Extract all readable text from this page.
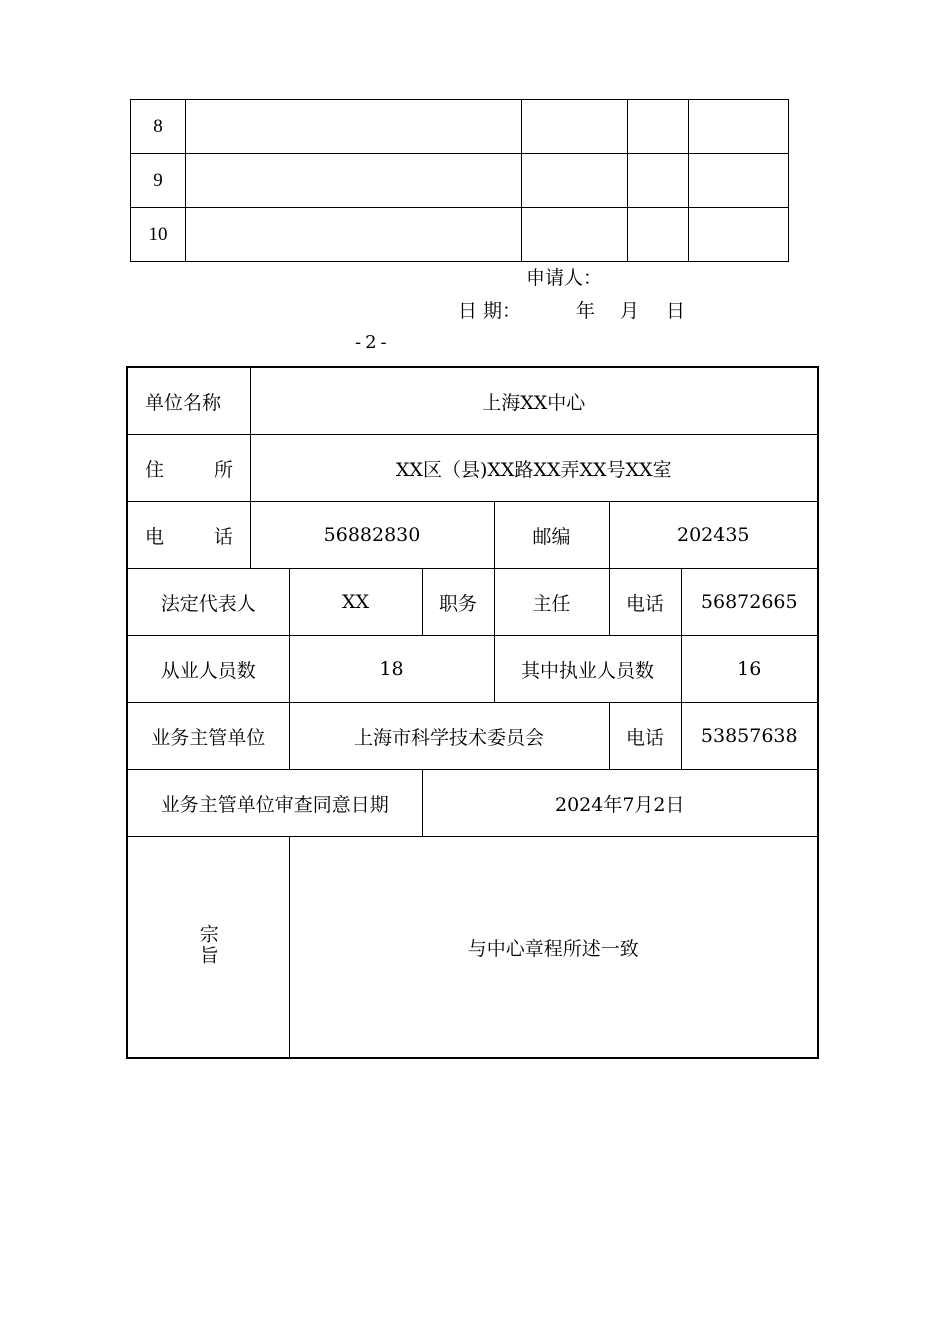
8				
9				
10				
申请人：
日 期：	年 月 日
-2-
单位名称	上海XX中心					

住 所	XX区（县)XX路XX弄XX号XX室					

电 话	56882830			邮编	202435	
法定代表人		XX	职务	主任	电话	56872665
从业人员数		18		其中执业人员数		16
业务主管单位		上海市科学技术委员会			电话	53857638
业务主管单位审查同意日期			2024年7月2日			
宗旨		与中心章程所述一致				
